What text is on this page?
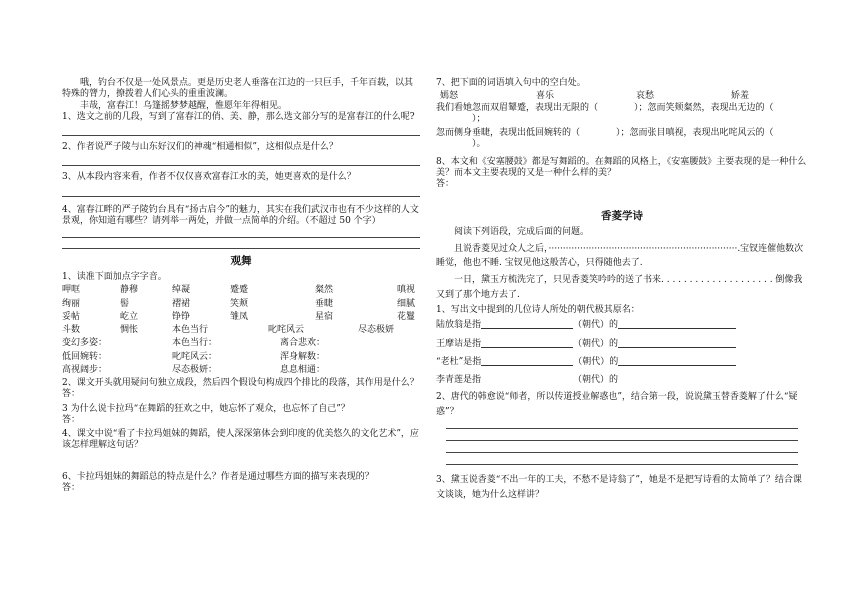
哦，钓台不仅是一处风景点。更是历史老人垂落在江边的一只巨手，千年百载，以其特殊的膂力，撩拨着人们心头的重重波澜。

丰哉，富春江！乌篷摇梦梦越醒，惟愿年年得相见。

1、选文之前的几段，写到了富春江的俏、美、静，那么选文部分写的是富春江的什么呢?

2、作者说严子陵与山东好汉们的神魂“相通相似”，这相似点是什么？

3、从本段内容来看，作者不仅仅喜欢富春江水的美，她更喜欢的是什么？

4、富春江畔的严子陵钓台具有“扬古启今”的魅力，其实在我们武汉市也有不少这样的人文景观，你知道有哪些？请列举一两处，并做一点简单的介绍。（不超过 50 个字）

观舞

1、读准下面加点字字音。

呷哐	静穆	绰凝	蹙蹙	粲然	嗔视
绚丽	髻	褶裙	笑颊	垂睫	细腻
妥帖	屹立	铮铮	雏凤	星宿	花鬘
斗数	惆怅	本色当行	叱咤风云	尽态极妍
变幻多姿：	本色当行：	离合悲欢：
低回婉转：	叱咤风云：	浑身解数：
高视阔步：	尽态极妍：	息息相通：

2、课文开头就用疑问句独立成段，然后四个假设句构成四个排比的段落，其作用是什么？

答：

3 为什么说卡拉玛“在舞蹈的狂欢之中，她忘怀了观众，也忘怀了自己”？

答：

4、课文中说“看了卡拉玛姐妹的舞蹈，使人深深第体会到印度的优美悠久的文化艺术”，应该怎样理解这句话？

6、卡拉玛姐妹的舞蹈总的特点是什么？作者是通过哪些方面的描写来表现的？

答：

7、把下面的词语填入句中的空白处。

嫣怒	喜乐	哀愁	娇羞

我们看她忽而双眉颦蹙，表现出无限的（	）；忽而笑颊粲然，表现出无边的（）；

忽而侧身垂睫，表现出低回婉转的（	）；忽而张目嗔视，表现出叱咤风云的（）。

8、本文和《安塞腰鼓》都是写舞蹈的。在舞蹈的风格上，《安塞腰鼓》主要表现的是一种什么美？而本文主要表现的又是一种什么样的美？

答：

香菱学诗

阅读下列语段，完成后面的问题。

且说香菱见过众人之后，··································································.宝钗连催他数次睡觉，他也不睡. 宝钗见他这般苦心，只得随他去了.

一日，黛玉方梳洗完了，只见香菱笑吟吟的送了书来. . . . . . . . . . . . . . . . . . . . 倒像我又到了那个地方去了.

1、写出文中提到的几位诗人所处的朝代极其原名：

陆放翁是指	（朝代）的
王摩诘是指	（朝代）的
“老杜”是指	（朝代）的
李青莲是指	（朝代）的

2、唐代的韩愈说“师者，所以传道授业解惑也”，结合第一段，说说黛玉替香菱解了什么“疑惑”？

3、黛玉说香菱“不出一年的工夫，不愁不是诗翁了”，她是不是把写诗看的太简单了？结合课文谈谈，她为什么这样讲？
